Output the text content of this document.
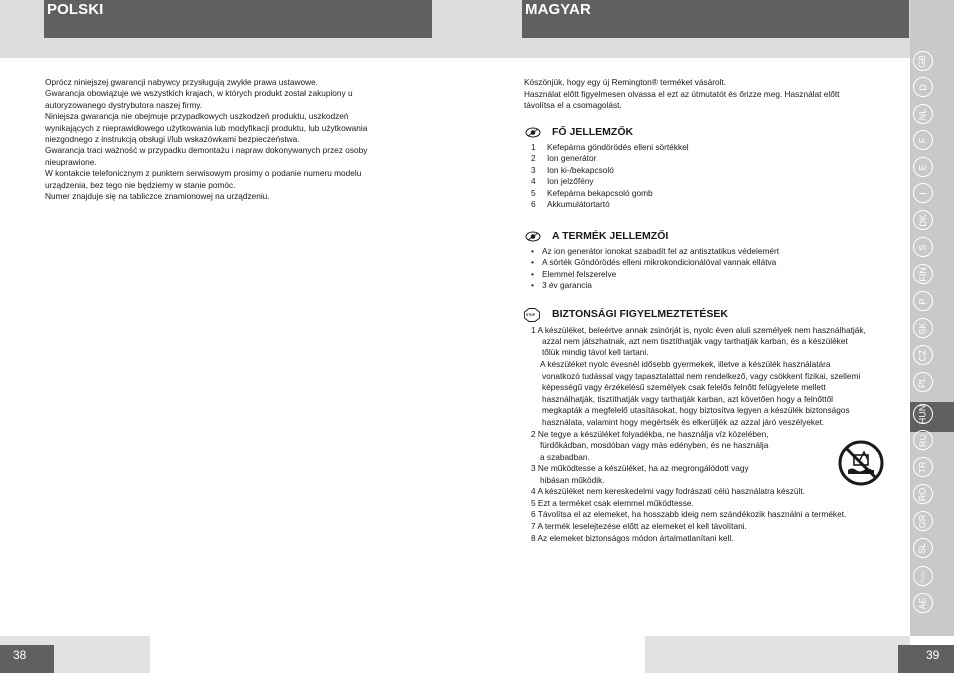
POLSKI	MAGYAR
GB
D
NL
F
E
I
DK
S
FIN
P
SK
CZ
PL
HUN
RU
TR
RO
GR
SL
ﻲﺑﺮﻋ
AE
38	39

Oprócz niniejszej gwarancji nabywcy przysługują zwykłe prawa ustawowe.

Gwarancja obowiązuje we wszystkich krajach, w których produkt został zakupiony u

autoryzowanego dystrybutora naszej firmy.

Niniejsza gwarancja nie obejmuje przypadkowych uszkodzeń produktu, uszkodzeń

wynikających z nieprawidłowego użytkowania lub modyfikacji produktu, lub użytkowania

niezgodnego z instrukcją obsługi i/lub wskazówkami bezpieczeństwa.

Gwarancja traci ważność w przypadku demontażu i napraw dokonywanych przez osoby

nieuprawione.

W kontakcie telefonicznym z punktem serwisowym prosimy o podanie numeru modelu

urządzenia, bez tego nie będziemy w stanie pomóc.

Numer znajduje się na tabliczce znamionowej na urządzeniu.

Köszönjük, hogy egy új Remington® terméket vásárolt.

Használat előtt figyelmesen olvassa el ezt az útmutatót és őrizze meg. Használat előtt

távolítsa el a csomagolást.

FŐ JELLEMZŐK
1	Kefepárna göndörödés elleni sörtékkel
2	Ion generátor
3	Ion ki-/bekapcsoló
4	Ion jelzőfény
5	Kefepárna bekapcsoló gomb
6	Akkumulátortartó
A TERMÉK JELLEMZŐI
• Az ion generátor ionokat szabadít fel az antisztatikus védelemért
• A sörték Göndörödés elleni mikrokondicionálóval vannak ellátva
• Elemmel felszerelve
• 3 év garancia
STOP BIZTONSÁGI FIGYELMEZTETÉSEK
1 A készüléket, beleértve annak zsinórját is, nyolc éven aluli személyek nem használhatják,
azzal nem játszhatnak, azt nem tisztíthatják vagy tarthatják karban, és a készüléket
tőlük mindig távol kell tartani.
A készüléket nyolc évesnél idősebb gyermekek, illetve a készülék használatára
vonatkozó tudással vagy tapasztalattal nem rendelkező, vagy csökkent fizikai, szellemi
képességű vagy érzékelésű személyek csak felelős felnőtt felügyelete mellett
használhatják, tisztíthatják vagy tarthatják karban, azt követően hogy a felnőttől
megkapták a megfelelő utasításokat, hogy biztosítva legyen a készülék biztonságos
használata, valamint hogy megértsék és elkerüljék az azzal járó veszélyeket.
2 Ne tegye a készüléket folyadékba, ne használja víz közelében,
fürdőkádban, mosdóban vagy más edényben, és ne használja
a szabadban.
3 Ne működtesse a készüléket, ha az megrongálódott vagy
hibásan működik.
4 A készüléket nem kereskedelmi vagy fodrászati célú használatra készült.
5 Ezt a terméket csak elemmel működtesse.
6 Távolítsa el az elemeket, ha hosszabb ideig nem szándékozik használni a terméket.
7 A termék leselejtezése előtt az elemeket el kell távolítani.
8 Az elemeket biztonságos módon ártalmatlanítani kell.
